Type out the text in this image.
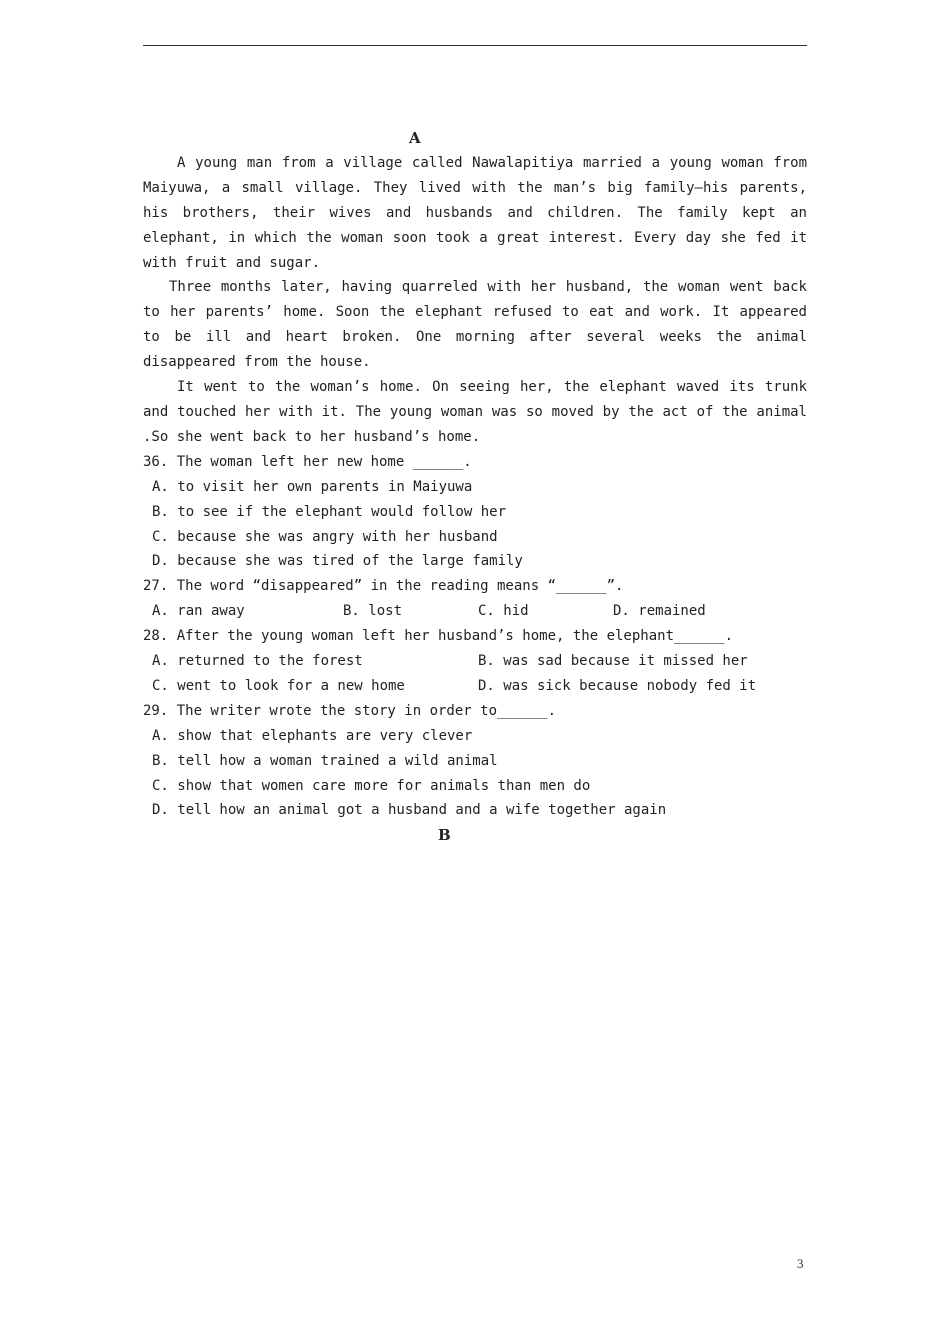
A

A young man from a village called Nawalapitiya married a young woman from Maiyuwa, a small village. They lived with the man’s big family—his parents, his brothers, their wives and husbands and children. The family kept an elephant, in which the woman soon took a great interest. Every day she fed it with fruit and sugar.

Three months later, having quarreled with her husband, the woman went back to her parents’ home. Soon the elephant refused to eat and work. It appeared to be ill and heart broken. One morning after several weeks the animal disappeared from the house.

It went to the woman’s home. On seeing her, the elephant waved its trunk and touched her with it. The young woman was so moved by the act of the animal .So she went back to her husband’s home.

36. The woman left her new home ______.

A. to visit her own parents in Maiyuwa

B. to see if the elephant would follow her

C. because she was angry with her husband

D. because she was tired of the large family

27. The word “disappeared” in the reading means “______”.

A. ran away	B. lost	C. hid	D. remained

28. After the young woman left her husband’s home, the elephant______.

A. returned to the forest	B. was sad because it missed her
C. went to look for a new home	D. was sick because nobody fed it

29. The writer wrote the story in order to______.

A. show that elephants are very clever

B. tell how a woman trained a wild animal

C. show that women care more for animals than men do

D. tell how an animal got a husband and a wife together again

B
3
